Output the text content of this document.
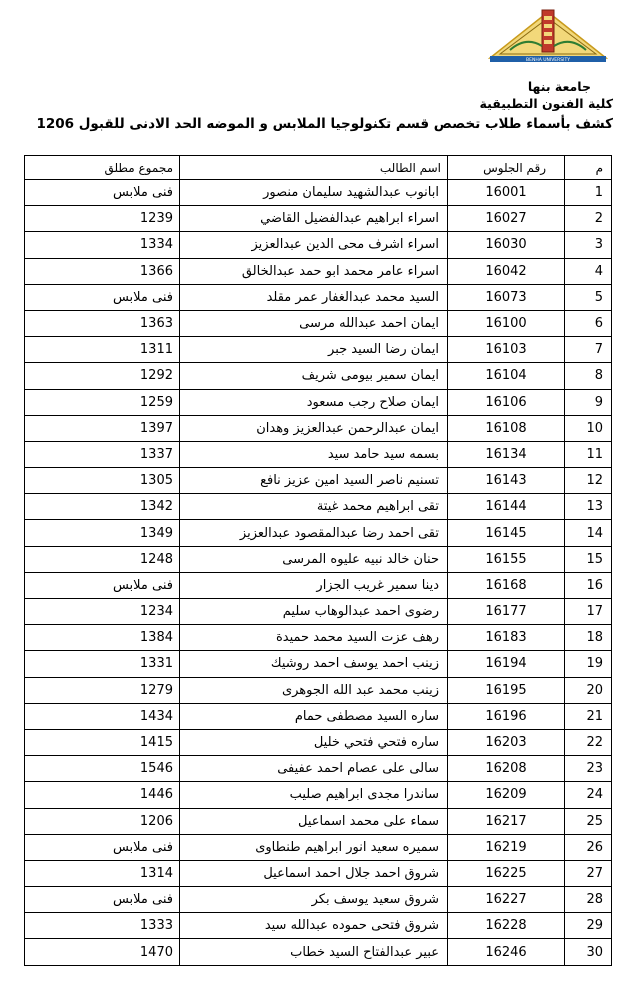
BENHA UNIVERSITY
جامعة بنها
كلية الفنون التطبيقية
كشف بأسماء طلاب تخصص قسم تكنولوجيا الملابس و الموضه الحد الادنى للقبول 1206
م	رقم الجلوس	اسم الطالب	مجموع مطلق
1	16001	ابانوب عبدالشهيد سليمان منصور	فنى ملابس
2	16027	اسراء ابراهيم عبدالفضيل القاضي	1239
3	16030	اسراء اشرف محى الدين عبدالعزيز	1334
4	16042	اسراء عامر محمد ابو حمد عبدالخالق	1366
5	16073	السيد محمد عبدالغفار عمر مقلد	فنى ملابس
6	16100	ايمان احمد عبدالله مرسى	1363
7	16103	ايمان رضا السيد جبر	1311
8	16104	ايمان سمير بيومى شريف	1292
9	16106	ايمان صلاح رجب مسعود	1259
10	16108	ايمان عبدالرحمن عبدالعزيز وهدان	1397
11	16134	بسمه سيد حامد سيد	1337
12	16143	تسنيم ناصر السيد امين عزيز نافع	1305
13	16144	تقى ابراهيم محمد غيتة	1342
14	16145	تقى احمد رضا عبدالمقصود عبدالعزيز	1349
15	16155	حنان خالد نبيه عليوه المرسى	1248
16	16168	دينا سمير غريب الجزار	فنى ملابس
17	16177	رضوى احمد عبدالوهاب سليم	1234
18	16183	رهف عزت السيد محمد حميدة	1384
19	16194	زينب احمد يوسف احمد روشيك	1331
20	16195	زينب محمد عبد الله الجوهرى	1279
21	16196	ساره السيد مصطفى حمام	1434
22	16203	ساره فتحي فتحي خليل	1415
23	16208	سالى على عصام احمد عفيفى	1546
24	16209	ساندرا مجدى ابراهيم صليب	1446
25	16217	سماء على محمد اسماعيل	1206
26	16219	سميره سعيد انور ابراهيم طنطاوى	فنى ملابس
27	16225	شروق احمد جلال احمد اسماعيل	1314
28	16227	شروق سعيد يوسف بكر	فنى ملابس
29	16228	شروق فتحى حموده عبدالله سيد	1333
30	16246	عبير عبدالفتاح السيد خطاب	1470
